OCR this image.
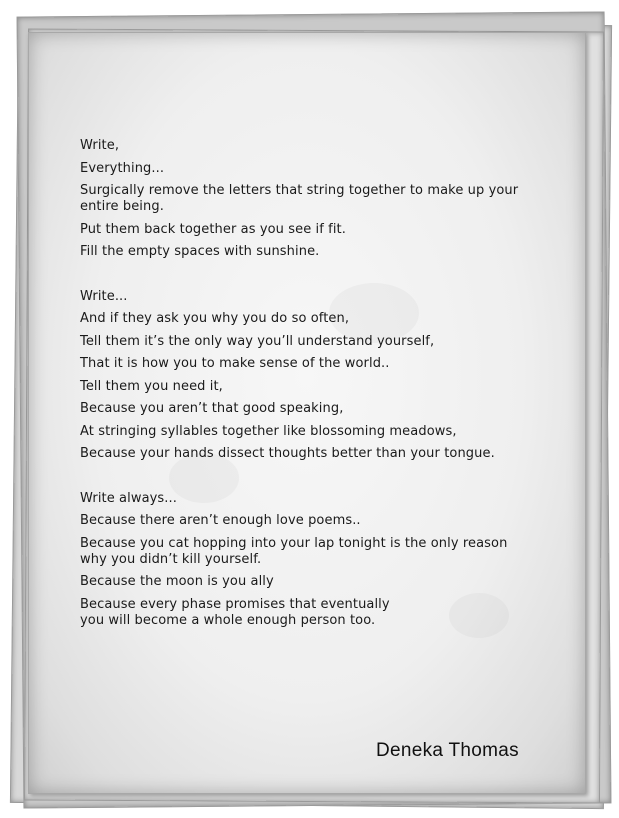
Write,
Everything...
Surgically remove the letters that string together to make up your
entire being.
Put them back together as you see if fit.
Fill the empty spaces with sunshine.
Write...
And if they ask you why you do so often,
Tell them it’s the only way you’ll understand yourself,
That it is how you to make sense of the world..
Tell them you need it,
Because you aren’t that good speaking,
At stringing syllables together like blossoming meadows,
Because your hands dissect thoughts better than your tongue.
Write always...
Because there aren’t enough love poems..
Because you cat hopping into your lap tonight is the only reason
why you didn’t kill yourself.
Because the moon is you ally
Because every phase promises that eventually
you will become a whole enough person too.
Deneka Thomas
